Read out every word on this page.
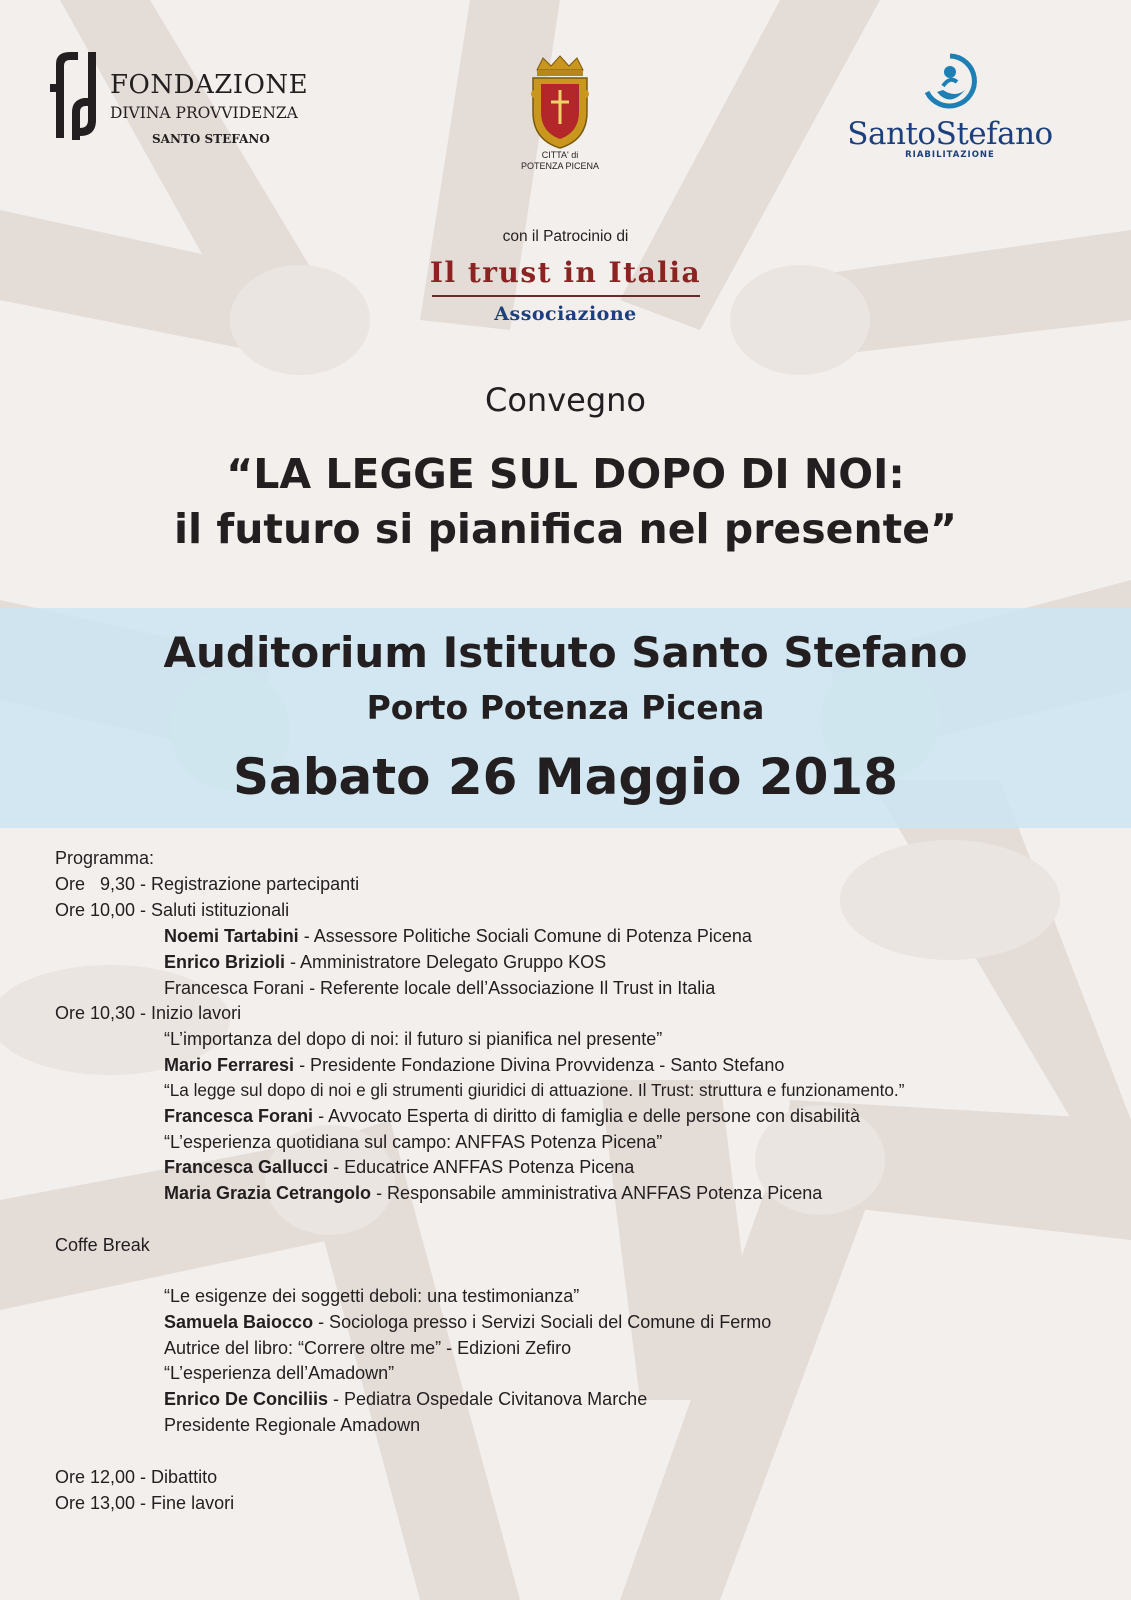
FONDAZIONE
DIVINA PROVVIDENZA
SANTO STEFANO
CITTA' di
POTENZA PICENA
SantoStefano
RIABILITAZIONE
con il Patrocinio di
Il trust in Italia
Associazione
Convegno
“LA LEGGE SUL DOPO DI NOI:
il futuro si pianifica nel presente”
Auditorium Istituto Santo Stefano
Porto Potenza Picena
Sabato 26 Maggio 2018
Programma:
Ore   9,30 - Registrazione partecipanti
Ore 10,00 - Saluti istituzionali
Noemi Tartabini - Assessore Politiche Sociali Comune di Potenza Picena
Enrico Brizioli - Amministratore Delegato Gruppo KOS
Francesca Forani - Referente locale dell’Associazione Il Trust in Italia
Ore 10,30 - Inizio lavori
“L’importanza del dopo di noi: il futuro si pianifica nel presente”
Mario Ferraresi - Presidente Fondazione Divina Provvidenza - Santo Stefano
“La legge sul dopo di noi e gli strumenti giuridici di attuazione. Il Trust: struttura e funzionamento.”
Francesca Forani - Avvocato Esperta di diritto di famiglia e delle persone con disabilità
“L’esperienza quotidiana sul campo: ANFFAS Potenza Picena”
Francesca Gallucci - Educatrice ANFFAS Potenza Picena
Maria Grazia Cetrangolo - Responsabile amministrativa ANFFAS Potenza Picena
Coffe Break
“Le esigenze dei soggetti deboli: una testimonianza”
Samuela Baiocco - Sociologa presso i Servizi Sociali del Comune di Fermo
Autrice del libro: “Correre oltre me” - Edizioni Zefiro
“L’esperienza dell’Amadown”
Enrico De Conciliis - Pediatra Ospedale Civitanova Marche
Presidente Regionale Amadown
Ore 12,00 - Dibattito
Ore 13,00 - Fine lavori
